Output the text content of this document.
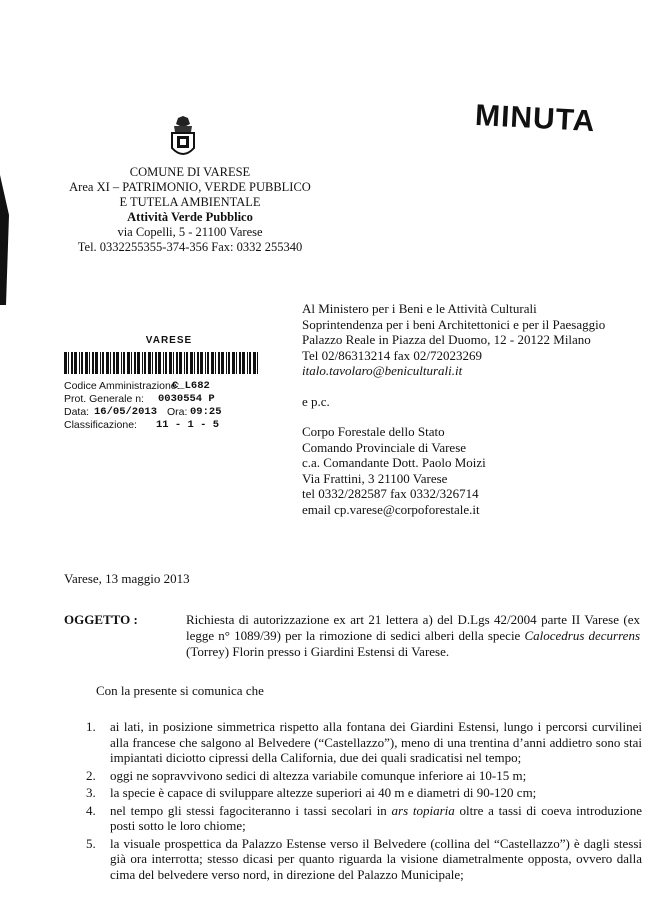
MINUTA
COMUNE DI VARESE
Area XI – PATRIMONIO, VERDE PUBBLICO
E TUTELA AMBIENTALE
Attività Verde Pubblico
via Copelli, 5 - 21100 Varese
Tel. 0332255355-374-356 Fax: 0332 255340
Al Ministero per i Beni e le Attività Culturali
Soprintendenza per i beni Architettonici e per il Paesaggio
Palazzo Reale in Piazza del Duomo, 12 - 20122 Milano
Tel 02/86313214 fax 02/72023269
italo.tavolaro@beniculturali.it
e p.c.
Corpo Forestale dello Stato
Comando Provinciale di Varese
c.a. Comandante Dott. Paolo Moizi
Via Frattini, 3 21100 Varese
tel 0332/282587 fax 0332/326714
email cp.varese@corpoforestale.it
VARESE
Codice Amministrazione:
C_L682
Prot. Generale n: 0030554 P
Data: 16/05/2013 Ora: 09:25
Classificazione: 11 - 1 - 5
Varese, 13 maggio 2013
OGGETTO :	Richiesta di autorizzazione ex art 21 lettera a) del D.Lgs 42/2004 parte II Varese (ex legge n° 1089/39) per la rimozione di sedici alberi della specie Calocedrus decurrens (Torrey) Florin presso i Giardini Estensi di Varese.
Con la presente si comunica che
1. ai lati, in posizione simmetrica rispetto alla fontana dei Giardini Estensi, lungo i percorsi curvilinei alla francese che salgono al Belvedere (“Castellazzo”), meno di una trentina d’anni addietro sono stai impiantati diciotto cipressi della California, due dei quali sradicatisi nel tempo;
2. oggi ne sopravvivono sedici di altezza variabile comunque inferiore ai 10-15 m;
3. la specie è capace di sviluppare altezze superiori ai 40 m e diametri di 90-120 cm;
4. nel tempo gli stessi fagociteranno i tassi secolari in ars topiaria oltre a tassi di coeva introduzione posti sotto le loro chiome;
5. la visuale prospettica da Palazzo Estense verso il Belvedere (collina del “Castellazzo”) è dagli stessi già ora interrotta; stesso dicasi per quanto riguarda la visione diametralmente opposta, ovvero dalla cima del belvedere verso nord, in direzione del Palazzo Municipale;
